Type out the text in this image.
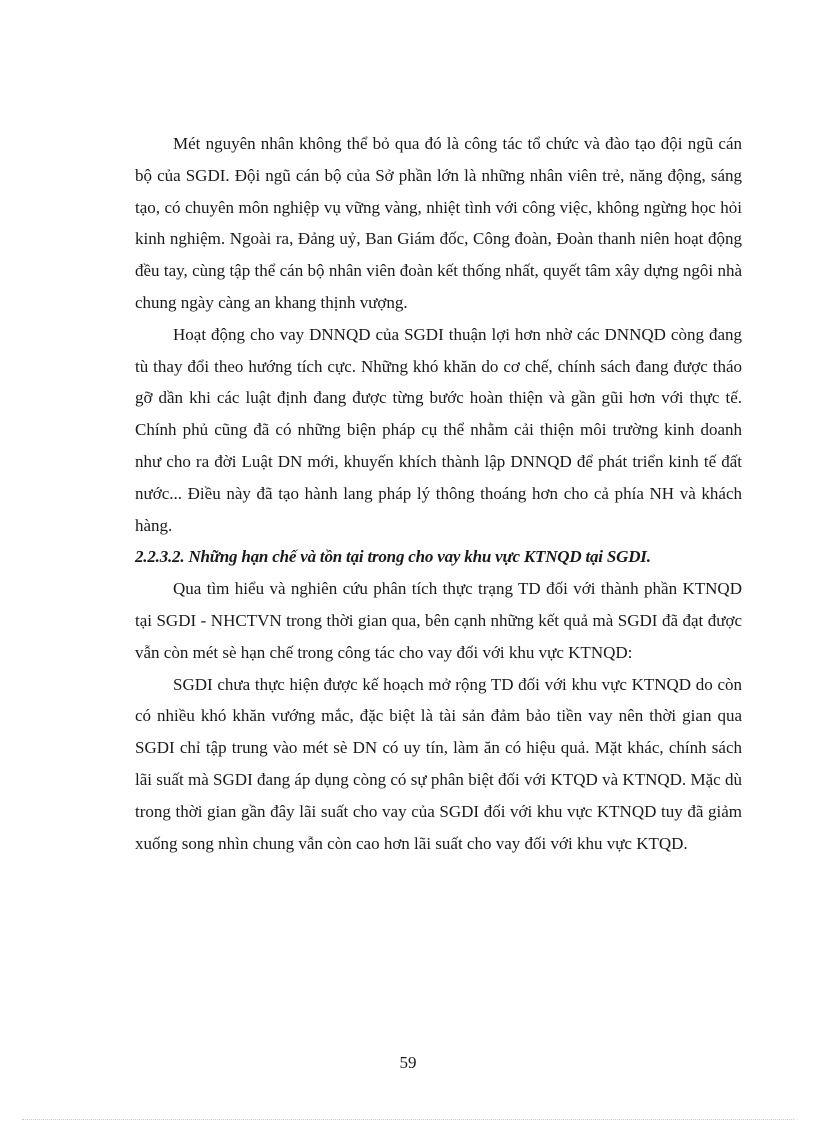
Mét nguyên nhân không thể bỏ qua đó là công tác tổ chức và đào tạo đội ngũ cán bộ của SGDI. Đội ngũ cán bộ của Sở phần lớn là những nhân viên trẻ, năng động, sáng tạo, có chuyên môn nghiệp vụ vững vàng, nhiệt tình với công việc, không ngừng học hỏi kinh nghiệm. Ngoài ra, Đảng uỷ, Ban Giám đốc, Công đoàn, Đoàn thanh niên hoạt động đều tay, cùng tập thể cán bộ nhân viên đoàn kết thống nhất, quyết tâm xây dựng ngôi nhà chung ngày càng an khang thịnh vượng.

Hoạt động cho vay DNNQD của SGDI thuận lợi hơn nhờ các DNNQD còng đang tù thay đổi theo hướng tích cực. Những khó khăn do cơ chế, chính sách đang được tháo gỡ dần khi các luật định đang được từng bước hoàn thiện và gần gũi hơn với thực tế. Chính phủ cũng đã có những biện pháp cụ thể nhằm cải thiện môi trường kinh doanh như cho ra đời Luật DN mới, khuyến khích thành lập DNNQD để phát triển kinh tế đất nước... Điều này đã tạo hành lang pháp lý thông thoáng hơn cho cả phía NH và khách hàng.

2.2.3.2. Những hạn chế và tồn tại trong cho vay khu vực KTNQD tại SGDI.

Qua tìm hiểu và nghiên cứu phân tích thực trạng TD đối với thành phần KTNQD tại SGDI - NHCTVN trong thời gian qua, bên cạnh những kết quả mà SGDI đã đạt được vẫn còn mét sè hạn chế trong công tác cho vay đối với khu vực KTNQD:

SGDI chưa thực hiện được kế hoạch mở rộng TD đối với khu vực KTNQD do còn có nhiều khó khăn vướng mắc, đặc biệt là tài sản đảm bảo tiền vay nên thời gian qua SGDI chỉ tập trung vào mét sè DN có uy tín, làm ăn có hiệu quả. Mặt khác, chính sách lãi suất mà SGDI đang áp dụng còng có sự phân biệt đối với KTQD và KTNQD. Mặc dù trong thời gian gần đây lãi suất cho vay của SGDI đối với khu vực KTNQD tuy đã giảm xuống song nhìn chung vẫn còn cao hơn lãi suất cho vay đối với khu vực KTQD.

59
